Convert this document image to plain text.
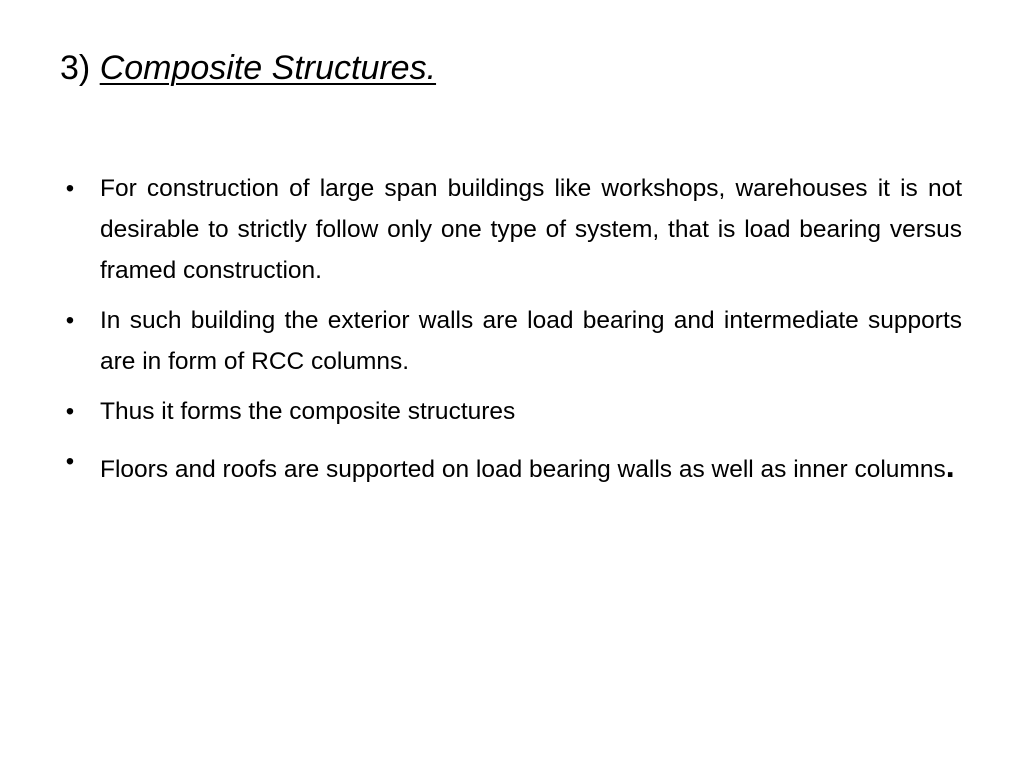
3) Composite Structures.
• For construction of large span buildings like workshops, warehouses it is not desirable to strictly follow only one type of system, that is load bearing versus framed construction.
• In such building the exterior walls are load bearing and intermediate supports are in form of RCC columns.
• Thus it forms the composite structures
• Floors and roofs are supported on load bearing walls as well as inner columns.
